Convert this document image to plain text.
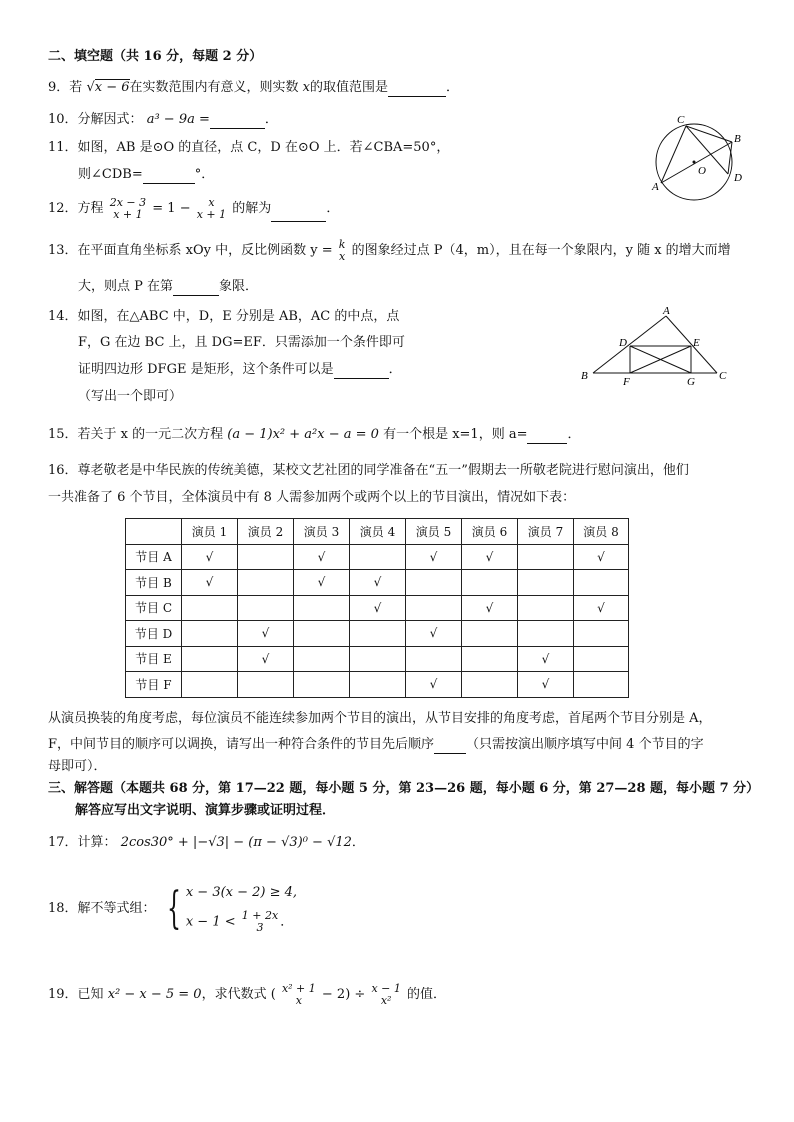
二、填空题（共 16 分，每题 2 分）
9．若 √x − 6在实数范围内有意义，则实数 x的取值范围是	．
10．分解因式： a³ − 9a =	．
11．如图，AB 是⊙O 的直径，点 C，D 在⊙O 上．若∠CBA=50°，
则∠CDB=	°．
C
B
O
A
D
12．方程 2x − 3
x + 1 = 1 − x
x + 1 的解为	．
13．在平面直角坐标系 xOy 中，反比例函数 y = k
x 的图象经过点 P（4，m），且在每一个象限内，y 随 x 的增大而增
大，则点 P 在第	象限．
14．如图，在△ABC 中，D，E 分别是 AB，AC 的中点，点
F，G 在边 BC 上，且 DG=EF．只需添加一个条件即可
证明四边形 DFGE 是矩形，这个条件可以是	．
（写出一个即可）
A
D	E
B	F	G C
15．若关于 x 的一元二次方程 (a − 1)x² + a²x − a = 0 有一个根是 x=1，则 a=	．
16．尊老敬老是中华民族的传统美德，某校文艺社团的同学准备在“五一”假期去一所敬老院进行慰问演出，他们
一共准备了 6 个节目，全体演员中有 8 人需参加两个或两个以上的节目演出，情况如下表：
	演员 1	演员 2	演员 3	演员 4	演员 5	演员 6	演员 7	演员 8
节目 A	√		√		√	√		√
节目 B	√		√	√				
节目 C				√		√		√
节目 D		√			√			
节目 E		√					√	
节目 F					√		√	
从演员换装的角度考虑，每位演员不能连续参加两个节目的演出，从节目安排的角度考虑，首尾两个节目分别是 A，
F，中间节目的顺序可以调换，请写出一种符合条件的节目先后顺序 （只需按演出顺序填写中间 4 个节目的字
母即可）．
三、解答题（本题共 68 分，第 17—22 题，每小题 5 分，第 23—26 题，每小题 6 分，第 27—28 题，每小题 7 分）
解答应写出文字说明、演算步骤或证明过程．
17．计算： 2cos30° + |−√3| − (π − √3)⁰ − √12．
18．解不等式组： { x − 3(x − 2) ≥ 4,
x − 1 < 1 + 2x
3 ．
19．已知 x² − x − 5 = 0，求代数式 ( x² + 1
x − 2) ÷ x − 1
x² 的值．
